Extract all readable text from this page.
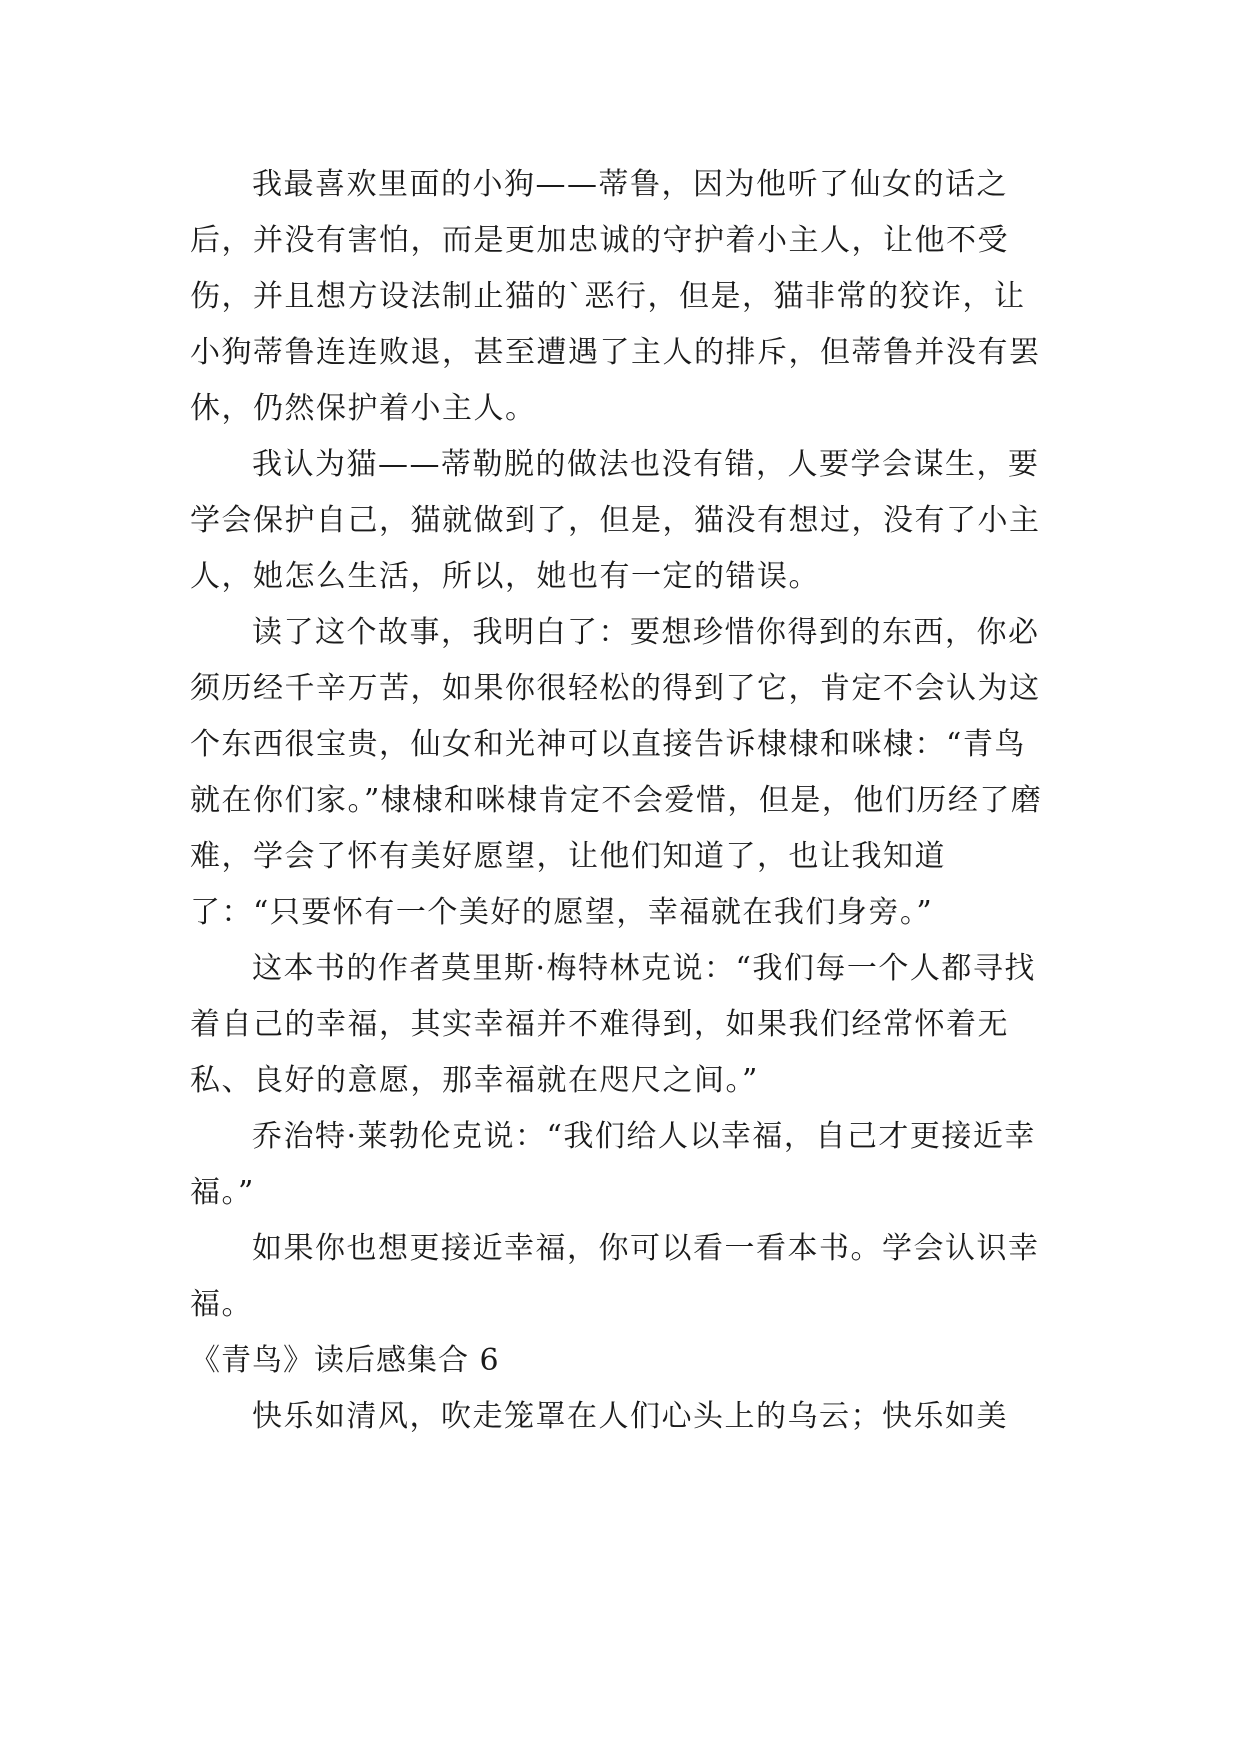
我最喜欢里面的小狗——蒂鲁，因为他听了仙女的话之后，并没有害怕，而是更加忠诚的守护着小主人，让他不受伤，并且想方设法制止猫的`恶行，但是，猫非常的狡诈，让小狗蒂鲁连连败退，甚至遭遇了主人的排斥，但蒂鲁并没有罢休，仍然保护着小主人。

我认为猫——蒂勒脱的做法也没有错，人要学会谋生，要学会保护自己，猫就做到了，但是，猫没有想过，没有了小主人，她怎么生活，所以，她也有一定的错误。

读了这个故事，我明白了：要想珍惜你得到的东西，你必须历经千辛万苦，如果你很轻松的得到了它，肯定不会认为这个东西很宝贵，仙女和光神可以直接告诉棣棣和咪棣：“青鸟就在你们家。”棣棣和咪棣肯定不会爱惜，但是，他们历经了磨难，学会了怀有美好愿望，让他们知道了，也让我知道了：“只要怀有一个美好的愿望，幸福就在我们身旁。”

这本书的作者莫里斯·梅特林克说：“我们每一个人都寻找着自己的幸福，其实幸福并不难得到，如果我们经常怀着无私、良好的意愿，那幸福就在咫尺之间。”

乔治特·莱勃伦克说：“我们给人以幸福，自己才更接近幸福。”

如果你也想更接近幸福，你可以看一看本书。学会认识幸福。

《青鸟》读后感集合 6

快乐如清风，吹走笼罩在人们心头上的乌云；快乐如美
